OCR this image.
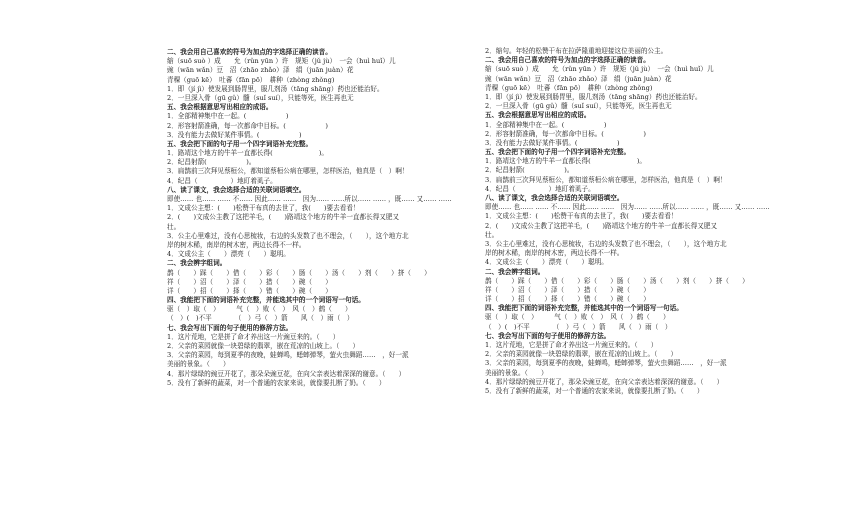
二、我会用自己喜欢的符号为加点的字选择正确的读音。
缩（suō suò ）成　　允（rǔn yūn ）许　规矩（jǔ jù）　一会（huì huǐ）儿
豌（wān wǎn）豆　沼（zhāo zhǎo）泽　绢（juān juàn）花
青稞（guō kē）　吐蕃（fān pō）　耕种（zhòng zhǒng)
1．即（jí jì）使发展到肠胃里，服几剂汤（tāng shāng）药也还能治好。
2．一旦深入骨（gū gǔ）髓（suǐ suí），只能等死，医生再也无
五、我会根据意思写出相应的成语。
1．全部精神集中在一起。(　　　　　　)
2．形容射箭准确，每一次都命中目标。(　　　　　　)
3．没有能力去做好某件事情。(　　　　　　)
五、我会把下面的句子用一个四字词语补充完整。
1．路靖这个地方的牛羊一直都长得(　　　　　　　)。
2．纪昌射箭(　　　　　　)。
3．扁鹊前三次拜见蔡桓公，都知道蔡桓公病在哪里，怎样医治，他真是（　）啊！
4．纪昌（　　　　　）地盯着虱子。
八、读了课文，我会选择合适的关联词语填空。
即使…… 也…… …… 不…… 因此…… ……　因为…… ……所以…… …… ，既…… 又…… ……
1．文成公主想：(　　)松赞干布真的去世了，我(　　)要去看看！
2．(　　)文成公主教了这把羊毛，(　　)路靖这个地方的牛羊一直都长得又肥又
壮。
3．公主心里难过，没有心思梳妆，右边的头发数了也不理会，（　　），这个地方北
岸的树木稀，南岸的树木密，两边长得不一样。
4．文成公主（　　）漂亮（　　）聪明。
二、我会辨字组词。
鹊（　　）踩（　　）借（　　）彩（　　）肠（　　）汤（　　）剂（　　）挤（　　）
祥（　　）沼（　　）泽（　　）措（　　）碗（　　）
详（　　）招（　　）择（　　）错（　　）碗（　　）
四、我能把下面的词语补充完整，并能选其中的一个词语写一句话。
驱（　）取（　）　　　气（　）败（　）　风（　）鹤（　　）
（　）(　)不平　　　　（　）弓（　）箭　　风（　）雨（　）
七、我会写出下面的句子使用的修辞方法。
1．这片荒地，它是拼了命才养出这一片豌豆来的。（　　）
2．父亲的菜园就像一块碧绿的翡翠，嵌在荒凉的山坡上。（　　）
3．父亲的菜园，每到夏季的夜晚，蛙蝉鸣，蟋蟀弹琴，萤火虫舞蹈……　，好一派
美丽的景象。（　　）
4．那片绿绿的豌豆开花了，那朵朵豌豆花，在向父亲表达着深深的谢意。（　　）
5．没有了新鲜的蔬菜，对一个普通的农家来说，就像要扎断了奶。（　　）
2．缩句。年轻的松赞干布在拉萨隆重地迎接这位美丽的公主。
二、我会用自己喜欢的符号为加点的字选择正确的读音。
缩（suō suò ）成　　允（rǔn yūn ）许　规矩（jǔ jù）　一会（huì huǐ）儿
豌（wān wǎn）豆　沼（zhāo zhǎo）泽　绢（juān juàn）花
青稞（guō kē）　吐蕃（fān pō）　耕种（zhòng zhǒng)
1．即（jí jì）使发展到肠胃里，服几剂汤（tāng shāng）药也还能治好。
2．一旦深入骨（gū gǔ）髓（suǐ suí），只能等死，医生再也无
五、我会根据意思写出相应的成语。
1．全部精神集中在一起。(　　　　　　)
2．形容射箭准确，每一次都命中目标。(　　　　　　)
3．没有能力去做好某件事情。(　　　　　　)
五、我会把下面的句子用一个四字词语补充完整。
1．路靖这个地方的牛羊一直都长得(　　　　　　　)。
2．纪昌射箭(　　　　　　)。
3．扁鹊前三次拜见蔡桓公，都知道蔡桓公病在哪里，怎样医治，他真是（　）啊！
4．纪昌（　　　　　）地盯着虱子。
八、读了课文，我会选择合适的关联词语填空。
即使…… 也…… …… 不…… 因此…… ……　因为…… ……所以…… …… ，既…… 又…… ……
1．文成公主想：(　　)松赞干布真的去世了，我(　　)要去看看！
2．(　　)文成公主教了这把羊毛，(　　)路靖这个地方的牛羊一直都长得又肥又
壮。
3．公主心里难过，没有心思梳妆，右边的头发数了也不理会，（　　），这个地方北
岸的树木稀，南岸的树木密，两边长得不一样。
4．文成公主（　　）漂亮（　　）聪明。
二、我会辨字组词。
鹊（　　）踩（　　）借（　　）彩（　　）肠（　　）汤（　　）剂（　　）挤（　　）
祥（　　）沼（　　）泽（　　）措（　　）碗（　　）
详（　　）招（　　）择（　　）错（　　）碗（　　）
四、我能把下面的词语补充完整，并能选其中的一个词语写一句话。
驱（　）取（　）　　　气（　）败（　）　风（　）鹤（　　）
（　）(　)不平　　　　（　）弓（　）箭　　风（　）雨（　）
七、我会写出下面的句子使用的修辞方法。
1．这片荒地，它是拼了命才养出这一片豌豆来的。（　　）
2．父亲的菜园就像一块碧绿的翡翠，嵌在荒凉的山坡上。（　　）
3．父亲的菜园，每到夏季的夜晚，蛙蝉鸣，蟋蟀弹琴，萤火虫舞蹈……　，好一派
美丽的景象。（　　）
4．那片绿绿的豌豆开花了，那朵朵豌豆花，在向父亲表达着深深的谢意。（　　）
5．没有了新鲜的蔬菜，对一个普通的农家来说，就像要扎断了奶。（　　）
